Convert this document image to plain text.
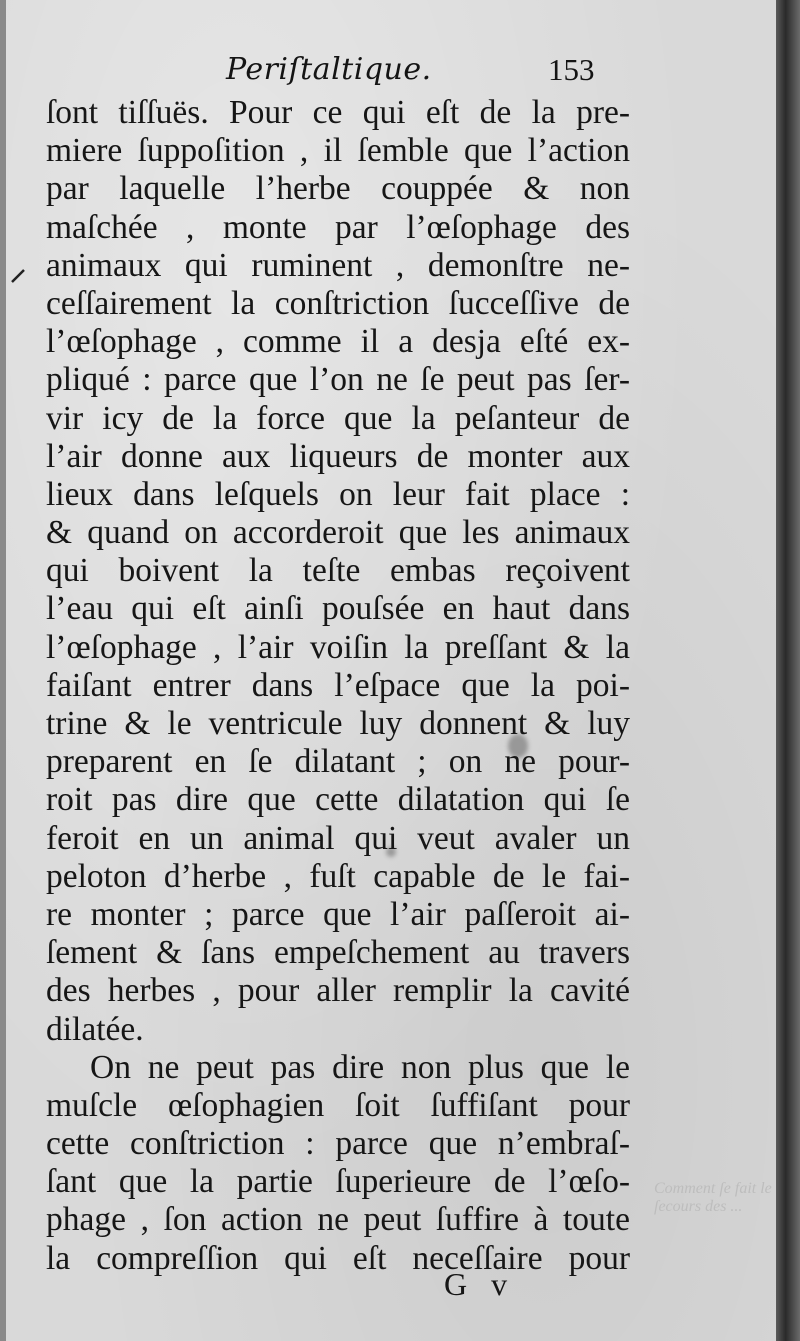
Periſtaltique.	153
ſont tiſſuës. Pour ce qui eſt de la pre-
miere ſuppoſition , il ſemble que l’action
par laquelle l’herbe couppée & non
maſchée , monte par l’œſophage des
animaux qui ruminent , demonſtre ne-
ceſſairement la conſtriction ſucceſſive de
l’œſophage , comme il a desja eſté ex-
pliqué : parce que l’on ne ſe peut pas ſer-
vir icy de la force que la peſanteur de
l’air donne aux liqueurs de monter aux
lieux dans leſquels on leur fait place :
& quand on accorderoit que les animaux
qui boivent la teſte embas reçoivent
l’eau qui eſt ainſi pouſsée en haut dans
l’œſophage , l’air voiſin la preſſant & la
faiſant entrer dans l’eſpace que la poi-
trine & le ventricule luy donnent & luy
preparent en ſe dilatant ; on ne pour-
roit pas dire que cette dilatation qui ſe
feroit en un animal qui veut avaler un
peloton d’herbe , fuſt capable de le fai-
re monter ; parce que l’air paſſeroit ai-
ſement & ſans empeſchement au travers
des herbes , pour aller remplir la cavité
dilatée.
On ne peut pas dire non plus que le
muſcle œſophagien ſoit ſuffiſant pour
cette conſtriction : parce que n’embraſ-
ſant que la partie ſuperieure de l’œſo-
phage , ſon action ne peut ſuffire à toute
la compreſſion qui eſt neceſſaire pour
G v
Comment ſe fait le ſecours des ...
